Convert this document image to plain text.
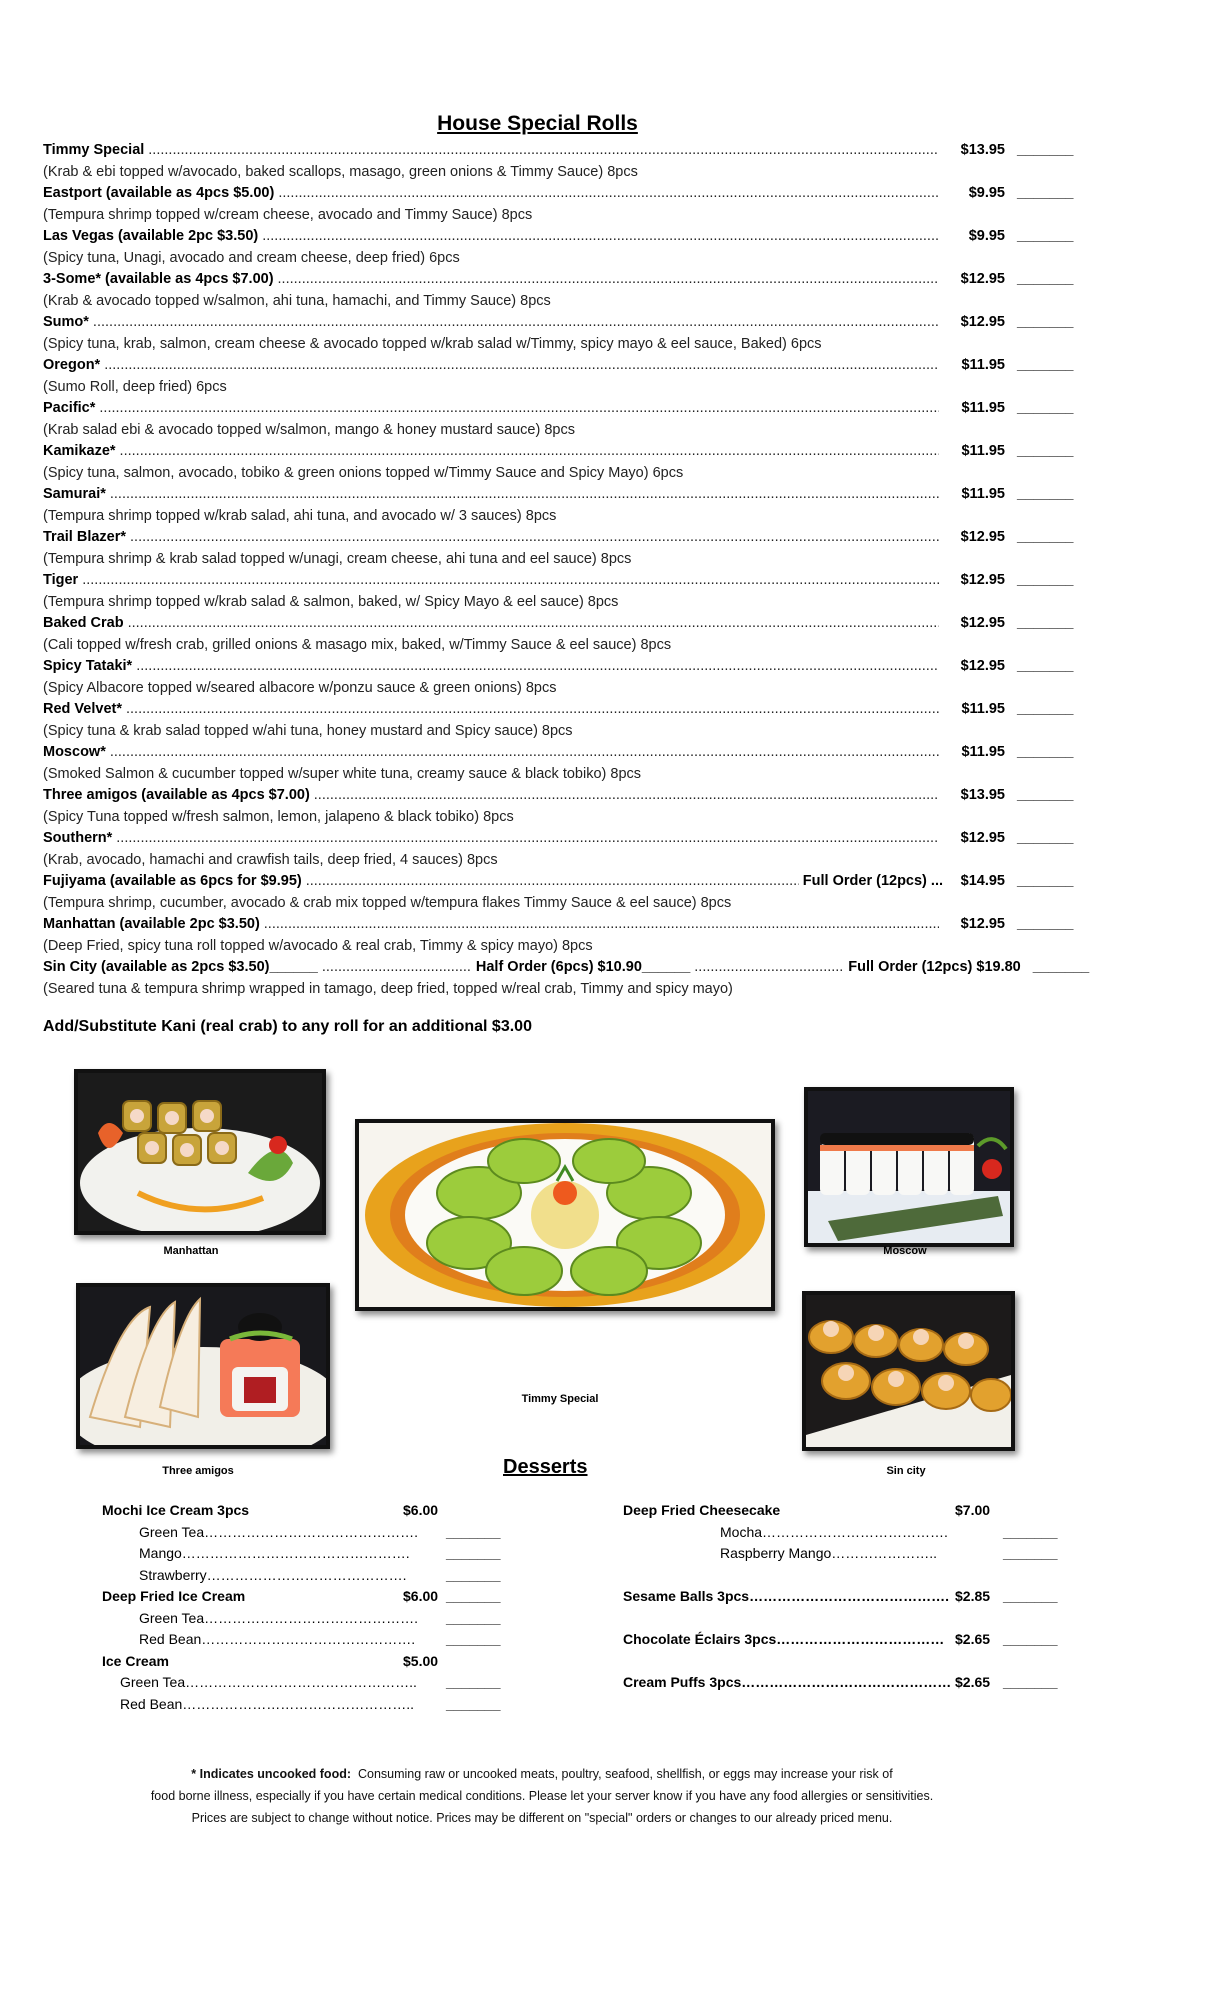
House Special Rolls
Timmy Special .....	$13.95 _______
(Krab & ebi topped w/avocado, baked scallops, masago, green onions & Timmy Sauce) 8pcs
Eastport (available as 4pcs $5.00) .....	$9.95 _______
(Tempura shrimp topped w/cream cheese, avocado and Timmy Sauce) 8pcs
Las Vegas (available 2pc $3.50) .....	$9.95 _______
(Spicy tuna, Unagi, avocado and cream cheese, deep fried) 6pcs
3-Some* (available as 4pcs $7.00) .....	$12.95 _______
(Krab & avocado topped w/salmon, ahi tuna, hamachi, and Timmy Sauce) 8pcs
Sumo* .....	$12.95 _______
(Spicy tuna, krab, salmon, cream cheese & avocado topped w/krab salad w/Timmy, spicy mayo & eel sauce, Baked) 6pcs
Oregon* .....	$11.95 _______
(Sumo Roll, deep fried) 6pcs
Pacific* .....	$11.95 _______
(Krab salad ebi & avocado topped w/salmon, mango & honey mustard sauce) 8pcs
Kamikaze* .....	$11.95 _______
(Spicy tuna, salmon, avocado, tobiko & green onions topped w/Timmy Sauce and Spicy Mayo) 6pcs
Samurai* .....	$11.95 _______
(Tempura shrimp topped w/krab salad, ahi tuna, and avocado w/ 3 sauces) 8pcs
Trail Blazer* .....	$12.95 _______
(Tempura shrimp & krab salad topped w/unagi, cream cheese, ahi tuna and eel sauce) 8pcs
Tiger .....	$12.95 _______
(Tempura shrimp topped w/krab salad & salmon, baked, w/ Spicy Mayo & eel sauce) 8pcs
Baked Crab .....	$12.95 _______
(Cali topped w/fresh crab, grilled onions & masago mix, baked, w/Timmy Sauce & eel sauce) 8pcs
Spicy Tataki* .....	$12.95 _______
(Spicy Albacore topped w/seared albacore w/ponzu sauce & green onions) 8pcs
Red Velvet* .....	$11.95 _______
(Spicy tuna & krab salad topped w/ahi tuna, honey mustard and Spicy sauce) 8pcs
Moscow* .....	$11.95 _______
(Smoked Salmon & cucumber topped w/super white tuna, creamy sauce & black tobiko) 8pcs
Three amigos (available as 4pcs $7.00) .....	$13.95 _______
(Spicy Tuna topped w/fresh salmon, lemon, jalapeno & black tobiko) 8pcs
Southern* .....	$12.95 _______
(Krab, avocado, hamachi and crawfish tails, deep fried, 4 sauces) 8pcs
Fujiyama (available as 6pcs for $9.95) .....	Full Order (12pcs) ...	$14.95 _______
(Tempura shrimp, cucumber, avocado & crab mix topped w/tempura flakes Timmy Sauce & eel sauce) 8pcs
Manhattan (available 2pc $3.50) .....	$12.95 _______
(Deep Fried, spicy tuna roll topped w/avocado & real crab, Timmy & spicy mayo) 8pcs
Sin City (available as 2pcs $3.50)______ .....	Half Order (6pcs) $10.90______ .....	Full Order (12pcs) $19.80 _______
(Seared tuna & tempura shrimp wrapped in tamago, deep fried, topped w/real crab, Timmy and spicy mayo)
Add/Substitute Kani (real crab) to any roll for an additional $3.00
Manhattan
Timmy Special
Moscow
Three amigos	Sin city
Desserts
Mochi Ice Cream 3pcs	$6.00
Green Tea………………………………………. _______
Mango………………………………………….	_______
Strawberry…………………………………….	_______
Deep Fried Ice Cream	$6.00 _______
Green Tea………………………………………. _______
Red Bean………………………………………. _______
Ice Cream	$5.00
Green Tea………………………………………….. _______
Red Bean………………………………………….. _______
Deep Fried Cheesecake	$7.00
Mocha………………………………….	_______
Raspberry Mango…………………..	_______
Sesame Balls 3pcs……………………………………. $2.85 _______
Chocolate Éclairs 3pcs……………………………… $2.65 _______
Cream Puffs 3pcs……………………………………… $2.65 _______
* Indicates uncooked food: Consuming raw or uncooked meats, poultry, seafood, shellfish, or eggs may increase your risk of
food borne illness, especially if you have certain medical conditions. Please let your server know if you have any food allergies or sensitivities.
Prices are subject to change without notice. Prices may be different on "special" orders or changes to our already priced menu.
